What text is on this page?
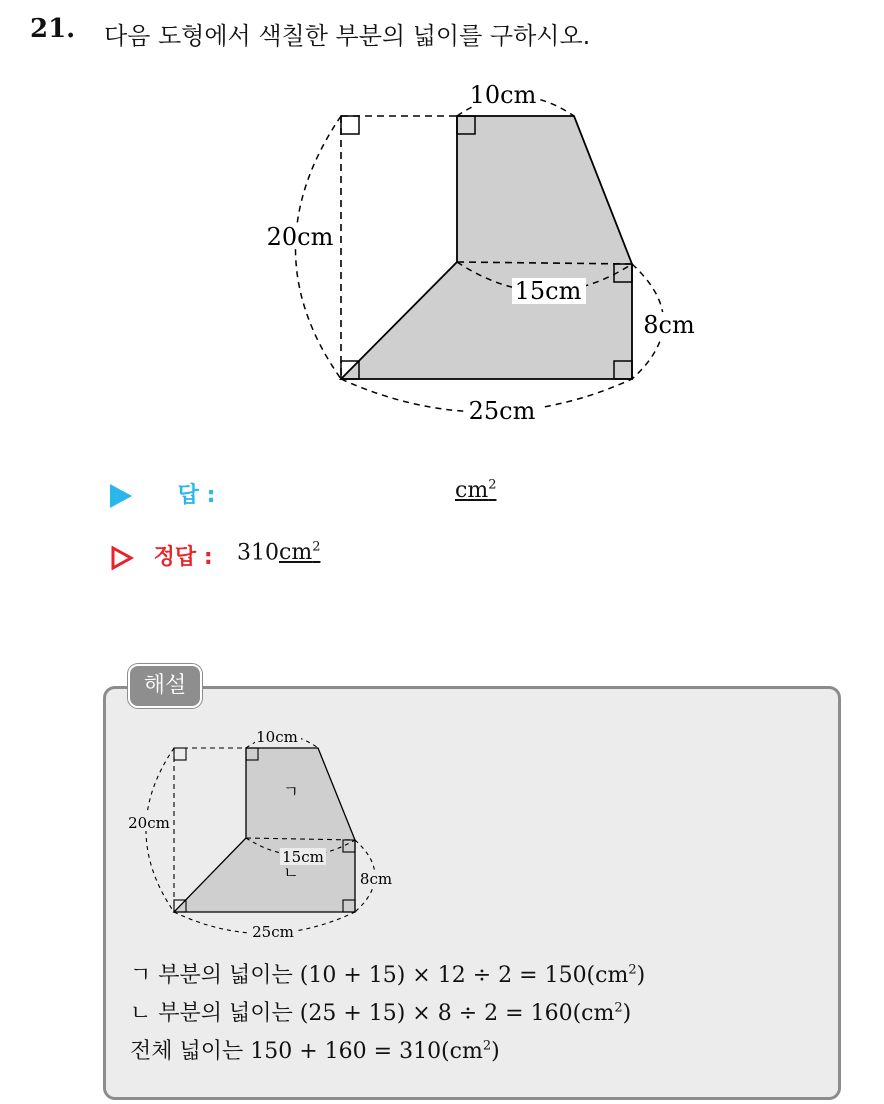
21. 다음 도형에서 색칠한 부분의 넓이를 구하시오.
10cm
20cm
15cm
8cm
25cm
답 :	$cm^2$
정답 : $310cm^2$
해설
10cm
20cm
15cm
8cm
25cm
ㄱ
ㄴ
ㄱ 부분의 넓이는 $(10 + 15) \times 12 \div 2 = 150(cm^2)$
ㄴ 부분의 넓이는 $(25 + 15) \times 8 \div 2 = 160(cm^2)$
전체 넓이는 $150 + 160 = 310(cm^2)$
